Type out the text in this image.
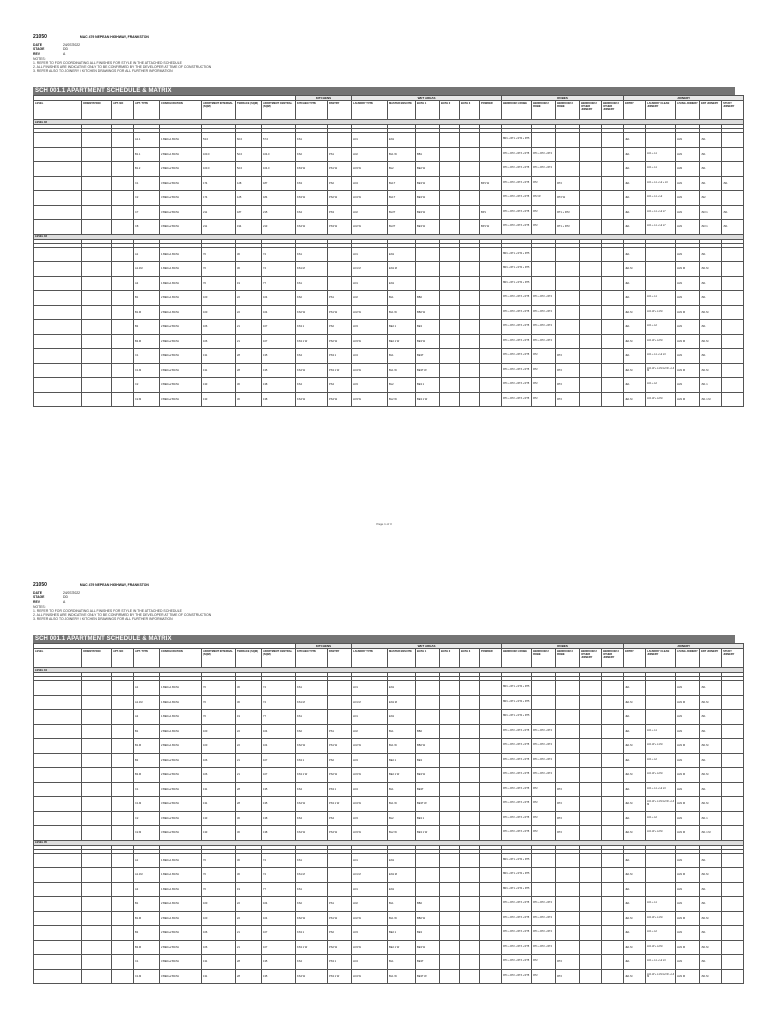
21050	MAC 479 NEPEAN HIGHWAY, FRANKSTON
DATE	24/07/2022
STAGE	DD
REV	A
NOTES:
1. REFER TO FOR COORDINATING ALL FINISHES FOR STYLE IN THE ATTACHED SCHEDULE
2. ALL FINISHES ARE INDICATIVE ONLY TO BE CONFIRMED BY THE DEVELOPER AT TIME OF CONSTRUCTION
3. REFER ALSO TO JOINERY / KITCHEN DRAWINGS FOR ALL FURTHER INFORMATION
SCH 001.1 APARTMENT SCHEDULE & MATRIX
								KITCHENS		WET AREAS						ROBES					JOINERY				
LEVEL	ORIENTATION	APT. NO	APT. TYPE	CONFIGURATION	APARTMENT INTERNAL (SQM)	TERRACE (SQM)	APARTMENT CENTRAL (SQM)	KITCHEN TYPE	PANTRY	LAUNDRY TYPE	MASTER ENSUITE	BATH 1	BATH 2	BATH 3	POWDER	BEDROOM 1 ROBE	BEDROOM 2 ROBE	BEDROOM 3 ROBE	BEDROOM 2 OTHER JOINERY	BEDROOM 3 OTHER JOINERY	ENTRY	LAUNDRY CLEAN JOINERY	LIVING JOINERY	ENT JOINERY	STUDY JOINERY
LEVEL 02																									

			A1.1	1 BED+1 BATH	53.0	60.0	57.0	KS1		LD1	EN1					BR1 + RT1 + RT4 + RT5					JE1		LM1	JS1	
			B1.1	2 BED+1 BATH	100.0	52.0	104.0	KS2	PS1	LD2	BL1 W	BB1				RT1 + RT2 + RT3 + RT5	RT1 + RT2 + RT4				JE1	LC1 + L1	LM1	JS1	
			B1.2	2 BED+2 BATH	100.0	52.0	104.0	KS3 W	PS1 W	LD3 W	BL2	BE2 W				RT1 + RT2 + RT3 + RT5	RT1 + RT2 + RT4				JE1	LC1 + L1	LM2	JS1	
			C1	3 BED+2 BATH	174	128	187	KS3	PS2	LD4	BL1T	BE3 W			BP1 W	RT1 + RT2 + RT3 + RT5	RT2	RT2			JE1	LC1 + L1 + L2 + L3	LM1	JS1	JS1
			C2	3 BED+2 BATH	174	125	184	KS3 W	PS2 W	LD4 W	BL1T	BE3 W				RT1 + RT2 + RT3 + RT5	RT2 W	RT2 W			JE1	LC1 + L1 + L2	LM1	JS2	
			C7	3 BED+2 BATH	211	187	215	KS4	PS3	LD2	BL3T	BE3 W			BP1	RT1 + RT2 + RT3 + RT5	RT2	RT1 + RT2			JE1	LC1 + L1 + L2 L7	LM1	JS3 1	JS1
			C8	3 BED+2 BATH	211	194	213	KS4 W	PS3 W	LD2 W	BL3T	BE3 W			BP1 W	RT1 + RT2 + RT3 + RT5	RT2	RT1 + RT2			JE1	LC1 + L1 + L2 L7	LM1	JS3 1	JS1
LEVEL 03																									

			A1	1 BED+1 BATH	70	30	74	KS1		LD1	EN1					BR1 + RT1 + RT4 + RT5					JE1		LM1	JS1	
			A1.1M	1 BED+1 BATH	70	30	74	KS1 M		LD1 M	EN1 M					BR1 + RT1 + RT4 + RT5					JE1 M		LM1 M	JS1 M	
			A2	1 BED+1 BATH	70	19	77	KS1		LD1	EN1					BR1 + RT1 + RT4 + RT5					JE1		LM1	JS1	
			B1	2 BED+1 BATH	100	22	104	KS2	PS1	LD2	BL1	BB2				RT1 + RT2 + RT3 + RT5	RT1 + RT2 + RT4				JE1	LC1 + L1	LM1	JS1	
			B1.M	2 BED+1 BATH	100	22	104	KS2 W	PS1 W	LD2 W	BL1 W	BB2 W				RT1 + RT2 + RT3 + RT5	RT1 + RT2 + RT4				JE1 M	LC1 W + L1 M	LM1 M	JS1 M	
			B2	2 BED+2 BATH	106	21	107	KS3 1	PS2	LD3	BE2 1	BE3				RT1 + RT2 + RT3 + RT5	RT1 + RT2 + RT4				JE1	LC1 + L2	LM1	JS1	
			B2.M	2 BED+2 BATH	106	21	107	KS3 1 W	PS2 W	LD3 W	BE2 1 W	BE3 W				RT1 + RT2 + RT3 + RT5	RT1 + RT2 + RT4				JE1 M	LC1 W + L2 M	LM1 M	JS1 M	
			C1	3 BED+2 BATH	131	28	135	KS4	PS3 1	LD4	BL1	BE3T				RT1 + RT2 + RT3 + RT5	RT2	RT2			JE1	LC1 + L1 + L2 L3	LM1	JS1	
			C1.M	3 BED+2 BATH	131	28	135	KS4 W	PS3 1 W	LD4 W	BL1 W	BE3T W				RT1 + RT2 + RT3 + RT5	RT2	RT2			JE1 M	LC1 W + L1 M L2 W + L3 M	LM1 M	JS1 M	
			C2	3 BED+2 BATH	133	30	138	KS4	PS4	LD3	BL2	BE3 1				RT1 + RT2 + RT3 + RT5	RT2	RT2			JE1	LC1 + L2	LM1	JS1 1	
			C2.M	3 BED+2 BATH	133	30	138	KS4 W	PS4 W	LD3 W	BL2 W	BE3 1 W				RT1 + RT2 + RT3 + RT5	RT2	RT2			JE1 M	LC1 W + L2 M	LM1 M	JS1 1 M	
Page 1 of 3
21050	MAC 479 NEPEAN HIGHWAY, FRANKSTON
DATE	24/07/2022
STAGE	DD
REV	A
NOTES:
1. REFER TO FOR COORDINATING ALL FINISHES FOR STYLE IN THE ATTACHED SCHEDULE
2. ALL FINISHES ARE INDICATIVE ONLY TO BE CONFIRMED BY THE DEVELOPER AT TIME OF CONSTRUCTION
3. REFER ALSO TO JOINERY / KITCHEN DRAWINGS FOR ALL FURTHER INFORMATION
SCH 001.1 APARTMENT SCHEDULE & MATRIX
								KITCHENS		WET AREAS						ROBES					JOINERY				
LEVEL	ORIENTATION	APT. NO	APT. TYPE	CONFIGURATION	APARTMENT INTERNAL (SQM)	TERRACE (SQM)	APARTMENT CENTRAL (SQM)	KITCHEN TYPE	PANTRY	LAUNDRY TYPE	MASTER ENSUITE	BATH 1	BATH 2	BATH 3	POWDER	BEDROOM 1 ROBE	BEDROOM 2 ROBE	BEDROOM 3 ROBE	BEDROOM 2 OTHER JOINERY	BEDROOM 3 OTHER JOINERY	ENTRY	LAUNDRY CLEAN JOINERY	LIVING JOINERY	ENT JOINERY	STUDY JOINERY
LEVEL 04																									

			A1	1 BED+1 BATH	70	30	74	KS1		LD1	EN1					BR1 + RT1 + RT4 + RT5					JE1		LM1	JS1	
			A1.1M	1 BED+1 BATH	70	30	74	KS1 M		LD1 M	EN1 M					BR1 + RT1 + RT4 + RT5					JE1 M		LM1 M	JS1 M	
			A2	1 BED+1 BATH	70	19	77	KS1		LD1	EN1					BR1 + RT1 + RT4 + RT5					JE1		LM1	JS1	
			B1	2 BED+1 BATH	100	22	104	KS2	PS1	LD2	BL1	BB2				RT1 + RT2 + RT3 + RT5	RT1 + RT2 + RT4				JE1	LC1 + L1	LM1	JS1	
			B1.M	2 BED+1 BATH	100	22	104	KS2 W	PS1 W	LD2 W	BL1 W	BB2 W				RT1 + RT2 + RT3 + RT5	RT1 + RT2 + RT4				JE1 M	LC1 W + L1 M	LM1 M	JS1 M	
			B2	2 BED+2 BATH	106	21	107	KS3 1	PS2	LD3	BE2 1	BE3				RT1 + RT2 + RT3 + RT5	RT1 + RT2 + RT4				JE1	LC1 + L2	LM1	JS1	
			B2.M	2 BED+2 BATH	106	21	107	KS3 1 W	PS2 W	LD3 W	BE2 1 W	BE3 W				RT1 + RT2 + RT3 + RT5	RT1 + RT2 + RT4				JE1 M	LC1 W + L2 M	LM1 M	JS1 M	
			C1	3 BED+2 BATH	131	28	135	KS4	PS3 1	LD4	BL1	BE3T				RT1 + RT2 + RT3 + RT5	RT2	RT2			JE1	LC1 + L1 + L2 L3	LM1	JS1	
			C1.M	3 BED+2 BATH	131	28	135	KS4 W	PS3 1 W	LD4 W	BL1 W	BE3T W				RT1 + RT2 + RT3 + RT5	RT2	RT2			JE1 M	LC1 W + L1 M L2 W + L3 M	LM1 M	JS1 M	
			C2	3 BED+2 BATH	133	30	138	KS4	PS4	LD3	BL2	BE3 1				RT1 + RT2 + RT3 + RT5	RT2	RT2			JE1	LC1 + L2	LM1	JS1 1	
			C2.M	3 BED+2 BATH	133	30	138	KS4 W	PS4 W	LD3 W	BL2 W	BE3 1 W				RT1 + RT2 + RT3 + RT5	RT2	RT2			JE1 M	LC1 W + L2 M	LM1 M	JS1 1 M	
LEVEL 05																									

			A1	1 BED+1 BATH	70	30	74	KS1		LD1	EN1					BR1 + RT1 + RT4 + RT5					JE1		LM1	JS1	
			A1.1M	1 BED+1 BATH	70	30	74	KS1 M		LD1 M	EN1 M					BR1 + RT1 + RT4 + RT5					JE1 M		LM1 M	JS1 M	
			A2	1 BED+1 BATH	70	19	77	KS1		LD1	EN1					BR1 + RT1 + RT4 + RT5					JE1		LM1	JS1	
			B1	2 BED+1 BATH	100	22	104	KS2	PS1	LD2	BL1	BB2				RT1 + RT2 + RT3 + RT5	RT1 + RT2 + RT4				JE1	LC1 + L1	LM1	JS1	
			B1.M	2 BED+1 BATH	100	22	104	KS2 W	PS1 W	LD2 W	BL1 W	BB2 W				RT1 + RT2 + RT3 + RT5	RT1 + RT2 + RT4				JE1 M	LC1 W + L1 M	LM1 M	JS1 M	
			B2	2 BED+2 BATH	106	21	107	KS3 1	PS2	LD3	BE2 1	BE3				RT1 + RT2 + RT3 + RT5	RT1 + RT2 + RT4				JE1	LC1 + L2	LM1	JS1	
			B2.M	2 BED+2 BATH	106	21	107	KS3 1 W	PS2 W	LD3 W	BE2 1 W	BE3 W				RT1 + RT2 + RT3 + RT5	RT1 + RT2 + RT4				JE1 M	LC1 W + L2 M	LM1 M	JS1 M	
			C1	3 BED+2 BATH	131	28	135	KS4	PS3 1	LD4	BL1	BE3T				RT1 + RT2 + RT3 + RT5	RT2	RT2			JE1	LC1 + L1 + L2 L3	LM1	JS1	
			C1.M	3 BED+2 BATH	131	28	135	KS4 W	PS3 1 W	LD4 W	BL1 W	BE3T W				RT1 + RT2 + RT3 + RT5	RT2	RT2			JE1 M	LC1 W + L1 M L2 W + L3 M	LM1 M	JS1 M	
